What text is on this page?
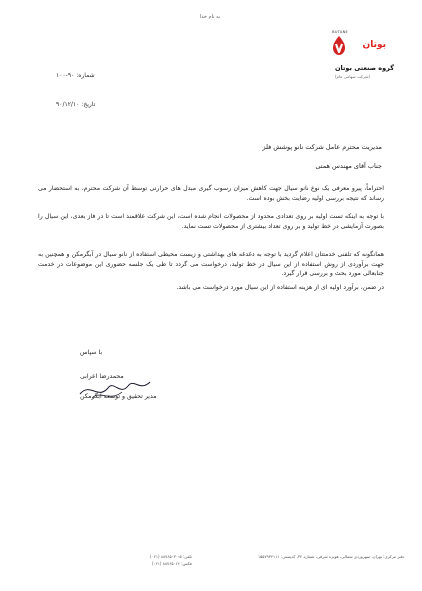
به نام خدا
BUTANE
بوتان
گروه صنعتی بوتان
(شرکت سهامی عام)
شماره: ۹۰-۱۰۰
تاریخ: ۹۰/۱۲/۱۰
مدیریت محترم عامل شرکت نانو پوشش فلز
جناب آقای مهندس همتی
احتراماً، پیرو معرفی یک نوع نانو سیال جهت کاهش میزان رسوب گیری مبدل های حرارتی توسط آن شرکت محترم، به استحضار می رساند که نتیجه بررسی اولیه رضایت بخش بوده است.
با توجه به اینکه تست اولیه بر روی تعدادی محدود از محصولات انجام شده است، این شرکت علاقمند است تا در فاز بعدی، این سیال را بصورت آزمایشی در خط تولید و بر روی تعداد بیشتری از محصولات تست نماید.
همانگونه که تلفنی خدمتتان اعلام گردید با توجه به دغدغه های بهداشتی و زیست محیطی استفاده از نانو سیال در آبگرمکن و همچنین به جهت برآوردی از روش استفاده از این سیال در خط تولید، درخواست می گردد تا طی یک جلسه حضوری این موضوعات در خدمت جنابعالی مورد بحث و بررسی قرار گیرد.
در ضمن، برآورد اولیه ای از هزینه استفاده از این سیال مورد درخواست می باشد.
با سپاس
محمدرضا اعرابی
مدیر تحقیق و توسعه آبگرمکن
دفتر مرکزی: تهران، سهروردی شمالی، هویزه شرقی، شماره ۳۴، کدپستی: ۱۵۵۷۹۳۴۱۱۱
تلفن: ۵-۸۸۷۶۵۰۳۰ (۰۲۱)
فکس: ۸۸۷۶۵۰۶۶ (۰۲۱)
